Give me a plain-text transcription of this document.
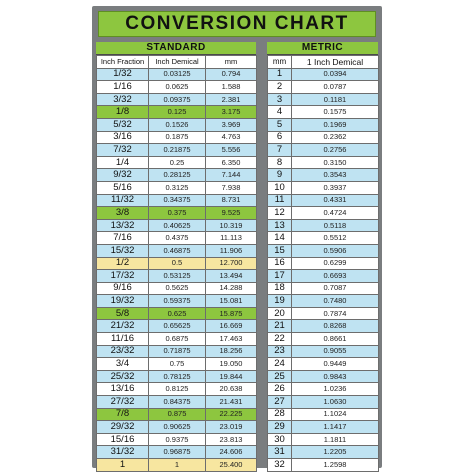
CONVERSION CHART
STANDARD
Inch Fraction	Inch Demical	mm
1/32	0.03125	0.794
1/16	0.0625	1.588
3/32	0.09375	2.381
1/8	0.125	3.175
5/32	0.1526	3.969
3/16	0.1875	4.763
7/32	0.21875	5.556
1/4	0.25	6.350
9/32	0.28125	7.144
5/16	0.3125	7.938
11/32	0.34375	8.731
3/8	0.375	9.525
13/32	0.40625	10.319
7/16	0.4375	11.113
15/32	0.46875	11.906
1/2	0.5	12.700
17/32	0.53125	13.494
9/16	0.5625	14.288
19/32	0.59375	15.081
5/8	0.625	15.875
21/32	0.65625	16.669
11/16	0.6875	17.463
23/32	0.71875	18.256
3/4	0.75	19.050
25/32	0.78125	19.844
13/16	0.8125	20.638
27/32	0.84375	21.431
7/8	0.875	22.225
29/32	0.90625	23.019
15/16	0.9375	23.813
31/32	0.96875	24.606
1	1	25.400
METRIC
mm	1 Inch Demical
1	0.0394
2	0.0787
3	0.1181
4	0.1575
5	0.1969
6	0.2362
7	0.2756
8	0.3150
9	0.3543
10	0.3937
11	0.4331
12	0.4724
13	0.5118
14	0.5512
15	0.5906
16	0.6299
17	0.6693
18	0.7087
19	0.7480
20	0.7874
21	0.8268
22	0.8661
23	0.9055
24	0.9449
25	0.9843
26	1.0236
27	1.0630
28	1.1024
29	1.1417
30	1.1811
31	1.2205
32	1.2598
